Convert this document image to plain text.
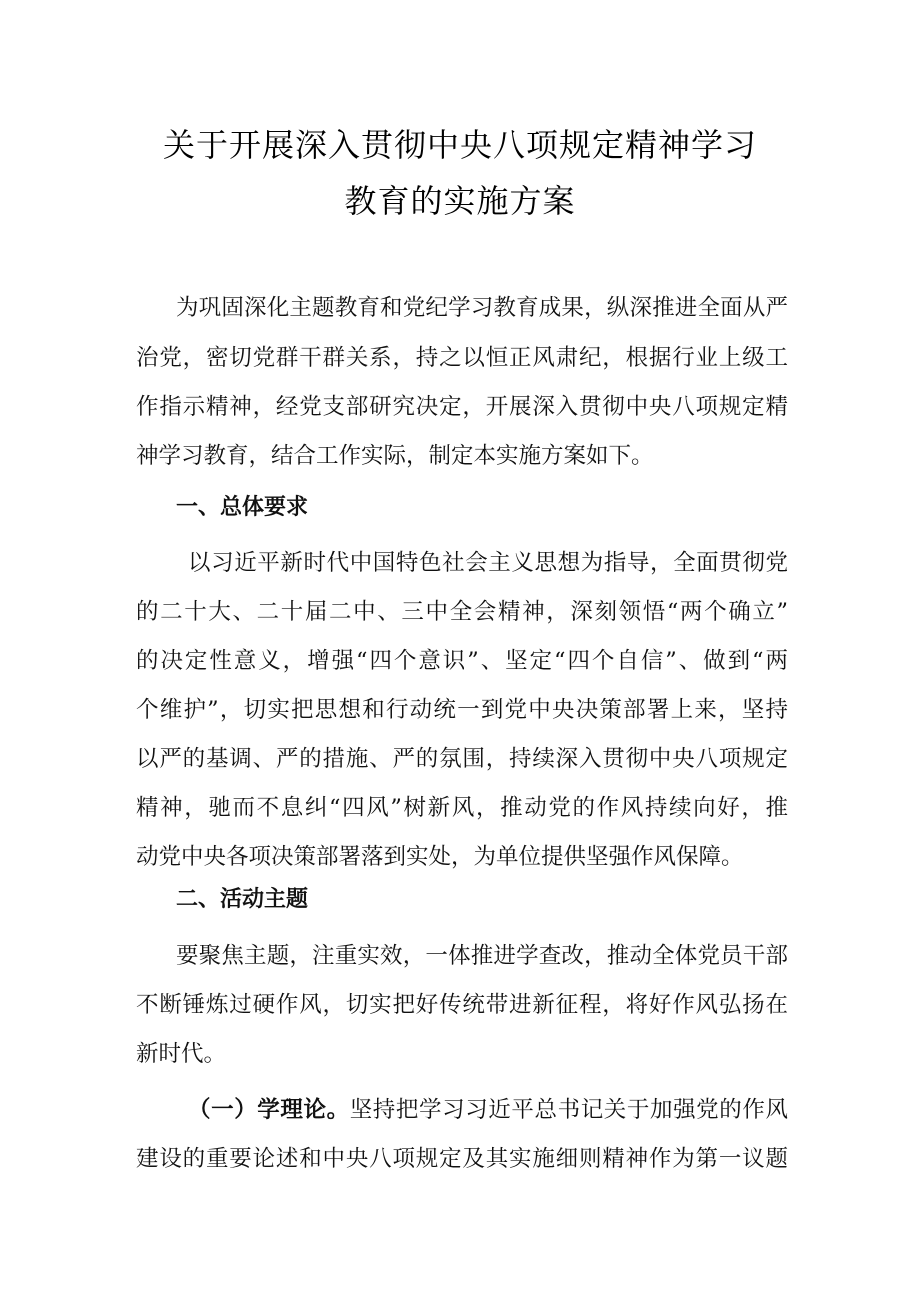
关于开展深入贯彻中央八项规定精神学习
教育的实施方案
为巩固深化主题教育和党纪学习教育成果，纵深推进全面从严
治党，密切党群干群关系，持之以恒正风肃纪，根据行业上级工
作指示精神，经党支部研究决定，开展深入贯彻中央八项规定精
神学习教育，结合工作实际，制定本实施方案如下。
一、总体要求
以习近平新时代中国特色社会主义思想为指导，全面贯彻党
的二十大、二十届二中、三中全会精神，深刻领悟“两个确立”
的决定性意义，增强“四个意识”、坚定“四个自信”、做到“两
个维护”，切实把思想和行动统一到党中央决策部署上来，坚持
以严的基调、严的措施、严的氛围，持续深入贯彻中央八项规定
精神，驰而不息纠“四风”树新风，推动党的作风持续向好，推
动党中央各项决策部署落到实处，为单位提供坚强作风保障。
二、活动主题
要聚焦主题，注重实效，一体推进学查改，推动全体党员干部
不断锤炼过硬作风，切实把好传统带进新征程，将好作风弘扬在
新时代。
（一）学理论。坚持把学习习近平总书记关于加强党的作风
建设的重要论述和中央八项规定及其实施细则精神作为第一议题
